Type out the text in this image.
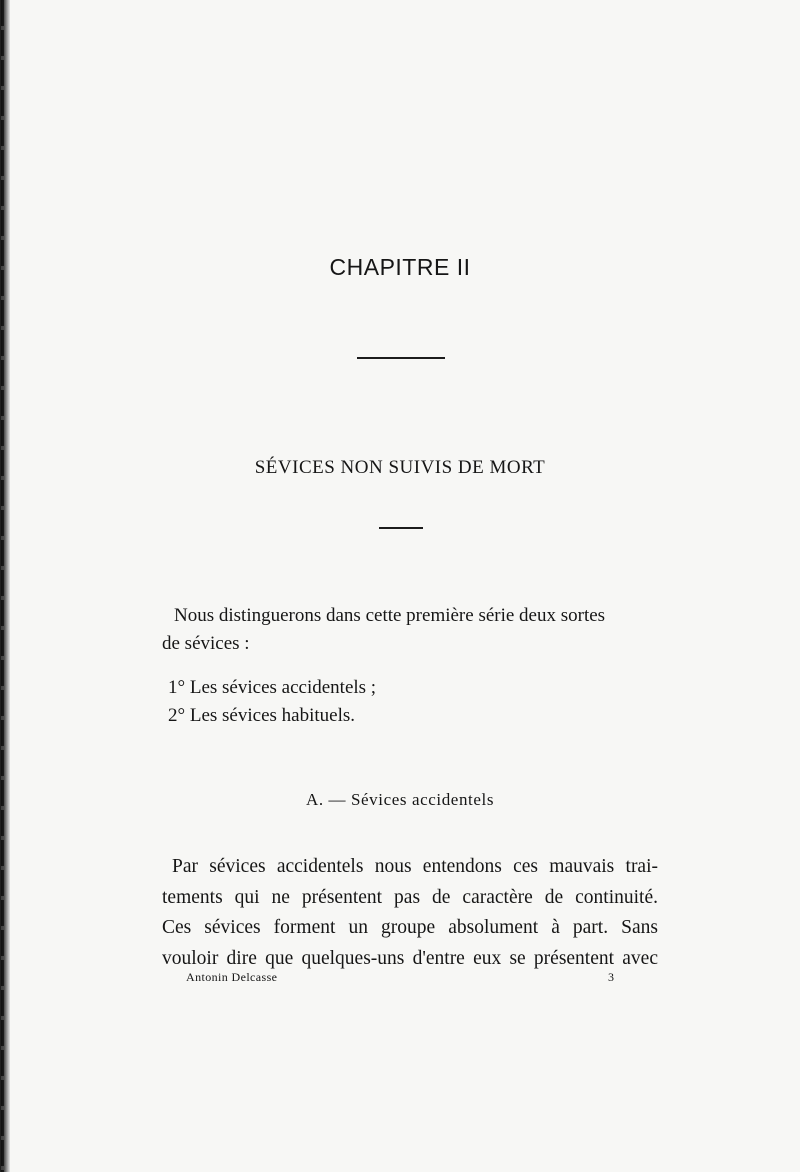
CHAPITRE II
SÉVICES NON SUIVIS DE MORT

Nous distinguerons dans cette première série deux sortes
de sévices :

1° Les sévices accidentels ;
2° Les sévices habituels.
A. — Sévices accidentels
Par sévices accidentels nous entendons ces mauvais trai-
tements qui ne présentent pas de caractère de continuité.
Ces sévices forment un groupe absolument à part. Sans
vouloir dire que quelques-uns d'entre eux se présentent avec
Antonin Delcasse	3
